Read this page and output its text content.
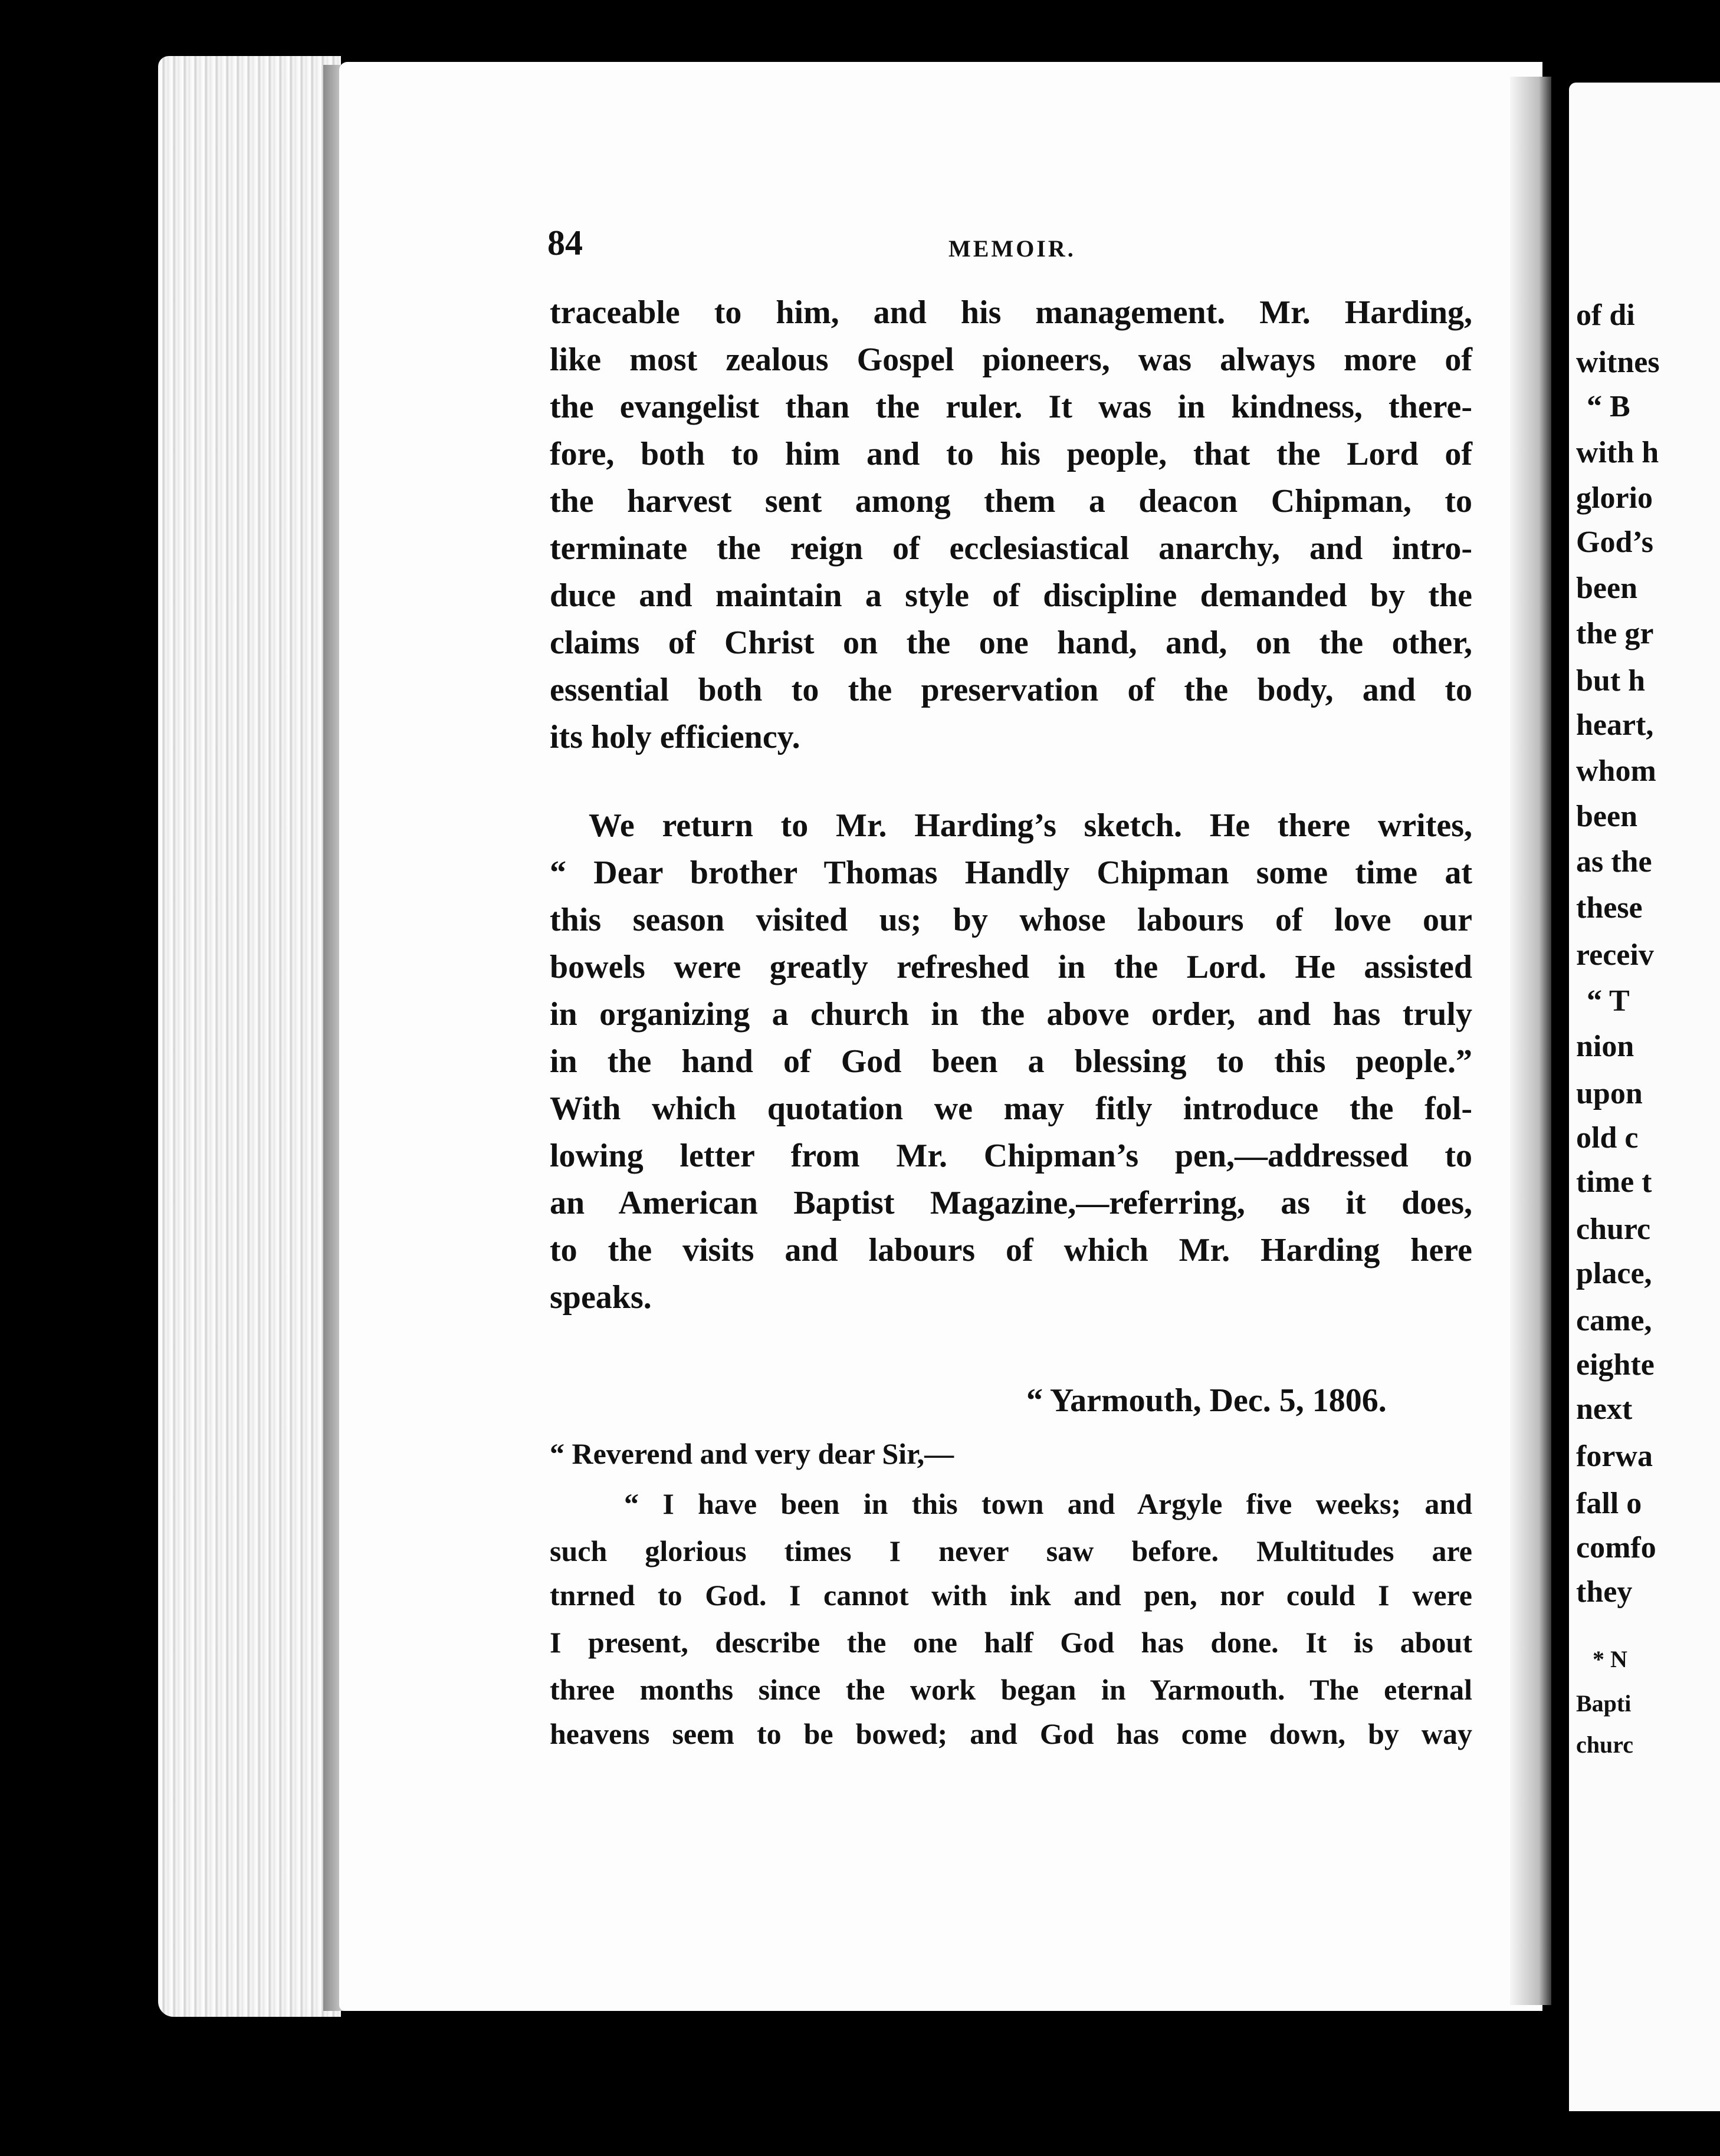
84	MEMOIR.
traceable to him, and his management. Mr. Harding,
like most zealous Gospel pioneers, was always more of
the evangelist than the ruler. It was in kindness, there-
fore, both to him and to his people, that the Lord of
the harvest sent among them a deacon Chipman, to
terminate the reign of ecclesiastical anarchy, and intro-
duce and maintain a style of discipline demanded by the
claims of Christ on the one hand, and, on the other,
essential both to the preservation of the body, and to
its holy efficiency.
We return to Mr. Harding’s sketch. He there writes,
“ Dear brother Thomas Handly Chipman some time at
this season visited us; by whose labours of love our
bowels were greatly refreshed in the Lord. He assisted
in organizing a church in the above order, and has truly
in the hand of God been a blessing to this people.”
With which quotation we may fitly introduce the fol-
lowing letter from Mr. Chipman’s pen,—addressed to
an American Baptist Magazine,—referring, as it does,
to the visits and labours of which Mr. Harding here
speaks.
“ Yarmouth, Dec. 5, 1806.
“ Reverend and very dear Sir,—
“ I have been in this town and Argyle five weeks; and
such glorious times I never saw before. Multitudes are
tnrned to God. I cannot with ink and pen, nor could I were
I present, describe the one half God has done. It is about
three months since the work began in Yarmouth. The eternal
heavens seem to be bowed; and God has come down, by way
of di
witnes
“ B
with h
glorio
God’s
been
the gr
but h
heart,
whom
been
as the
these
receiv
“ T
nion
upon
old c
time t
churc
place,
came,
eighte
next
forwa
fall o
comfo
they
* N
Bapti
churc
